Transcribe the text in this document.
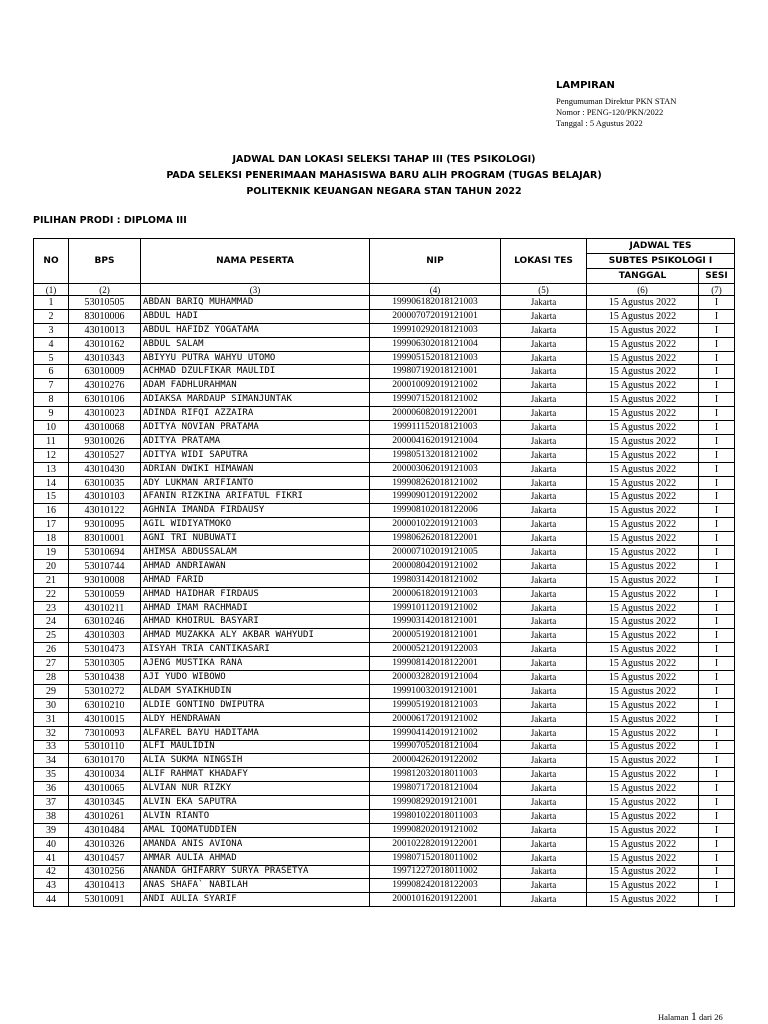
LAMPIRAN
Pengumuman Direktur PKN STAN
Nomor : PENG-120/PKN/2022
Tanggal : 5 Agustus 2022
JADWAL DAN LOKASI SELEKSI TAHAP III (TES PSIKOLOGI)
PADA SELEKSI PENERIMAAN MAHASISWA BARU ALIH PROGRAM (TUGAS BELAJAR)
POLITEKNIK KEUANGAN NEGARA STAN TAHUN 2022
PILIHAN PRODI : DIPLOMA III
NO	BPS	NAMA PESERTA	NIP	LOKASI TES	JADWAL TES	
					SUBTES PSIKOLOGI I	
					TANGGAL	SESI
(1)	(2)	(3)	(4)	(5)	(6)	(7)
1	53010505	ABDAN BARIQ MUHAMMAD	199906182018121003	Jakarta	15 Agustus 2022	I
2	83010006	ABDUL HADI	200007072019121001	Jakarta	15 Agustus 2022	I
3	43010013	ABDUL HAFIDZ YOGATAMA	199910292018121003	Jakarta	15 Agustus 2022	I
4	43010162	ABDUL SALAM	199906302018121004	Jakarta	15 Agustus 2022	I
5	43010343	ABIYYU PUTRA WAHYU UTOMO	199905152018121003	Jakarta	15 Agustus 2022	I
6	63010009	ACHMAD DZULFIKAR MAULIDI	199807192018121001	Jakarta	15 Agustus 2022	I
7	43010276	ADAM FADHLURAHMAN	200010092019121002	Jakarta	15 Agustus 2022	I
8	63010106	ADIAKSA MARDAUP SIMANJUNTAK	199907152018121002	Jakarta	15 Agustus 2022	I
9	43010023	ADINDA RIFQI AZZAIRA	200006082019122001	Jakarta	15 Agustus 2022	I
10	43010068	ADITYA NOVIAN PRATAMA	199911152018121003	Jakarta	15 Agustus 2022	I
11	93010026	ADITYA PRATAMA	200004162019121004	Jakarta	15 Agustus 2022	I
12	43010527	ADITYA WIDI SAPUTRA	199805132018121002	Jakarta	15 Agustus 2022	I
13	43010430	ADRIAN DWIKI HIMAWAN	200003062019121003	Jakarta	15 Agustus 2022	I
14	63010035	ADY LUKMAN ARIFIANTO	199908262018121002	Jakarta	15 Agustus 2022	I
15	43010103	AFANIN RIZKINA ARIFATUL FIKRI	199909012019122002	Jakarta	15 Agustus 2022	I
16	43010122	AGHNIA IMANDA FIRDAUSY	199908102018122006	Jakarta	15 Agustus 2022	I
17	93010095	AGIL WIDIYATMOKO	200001022019121003	Jakarta	15 Agustus 2022	I
18	83010001	AGNI TRI NUBUWATI	199806262018122001	Jakarta	15 Agustus 2022	I
19	53010694	AHIMSA ABDUSSALAM	200007102019121005	Jakarta	15 Agustus 2022	I
20	53010744	AHMAD ANDRIAWAN	200008042019121002	Jakarta	15 Agustus 2022	I
21	93010008	AHMAD FARID	199803142018121002	Jakarta	15 Agustus 2022	I
22	53010059	AHMAD HAIDHAR FIRDAUS	200006182019121003	Jakarta	15 Agustus 2022	I
23	43010211	AHMAD IMAM RACHMADI	199910112019121002	Jakarta	15 Agustus 2022	I
24	63010246	AHMAD KHOIRUL BASYARI	199903142018121001	Jakarta	15 Agustus 2022	I
25	43010303	AHMAD MUZAKKA ALY AKBAR WAHYUDI	200005192018121001	Jakarta	15 Agustus 2022	I
26	53010473	AISYAH TRIA CANTIKASARI	200005212019122003	Jakarta	15 Agustus 2022	I
27	53010305	AJENG MUSTIKA RANA	199908142018122001	Jakarta	15 Agustus 2022	I
28	53010438	AJI YUDO WIBOWO	200003282019121004	Jakarta	15 Agustus 2022	I
29	53010272	ALDAM SYAIKHUDIN	199910032019121001	Jakarta	15 Agustus 2022	I
30	63010210	ALDIE GONTINO DWIPUTRA	199905192018121003	Jakarta	15 Agustus 2022	I
31	43010015	ALDY HENDRAWAN	200006172019121002	Jakarta	15 Agustus 2022	I
32	73010093	ALFAREL BAYU HADITAMA	199904142019121002	Jakarta	15 Agustus 2022	I
33	53010110	ALFI MAULIDIN	199907052018121004	Jakarta	15 Agustus 2022	I
34	63010170	ALIA SUKMA NINGSIH	200004262019122002	Jakarta	15 Agustus 2022	I
35	43010034	ALIF RAHMAT KHADAFY	199812032018011003	Jakarta	15 Agustus 2022	I
36	43010065	ALVIAN NUR RIZKY	199807172018121004	Jakarta	15 Agustus 2022	I
37	43010345	ALVIN EKA SAPUTRA	199908292019121001	Jakarta	15 Agustus 2022	I
38	43010261	ALVIN RIANTO	199801022018011003	Jakarta	15 Agustus 2022	I
39	43010484	AMAL IQOMATUDDIEN	199908202019121002	Jakarta	15 Agustus 2022	I
40	43010326	AMANDA ANIS AVIONA	200102282019122001	Jakarta	15 Agustus 2022	I
41	43010457	AMMAR AULIA AHMAD	199807152018011002	Jakarta	15 Agustus 2022	I
42	43010256	ANANDA GHIFARRY SURYA PRASETYA	199712272018011002	Jakarta	15 Agustus 2022	I
43	43010413	ANAS SHAFA` NABILAH	199908242018122003	Jakarta	15 Agustus 2022	I
44	53010091	ANDI AULIA SYARIF	200010162019122001	Jakarta	15 Agustus 2022	I
Halaman 1 dari 26
